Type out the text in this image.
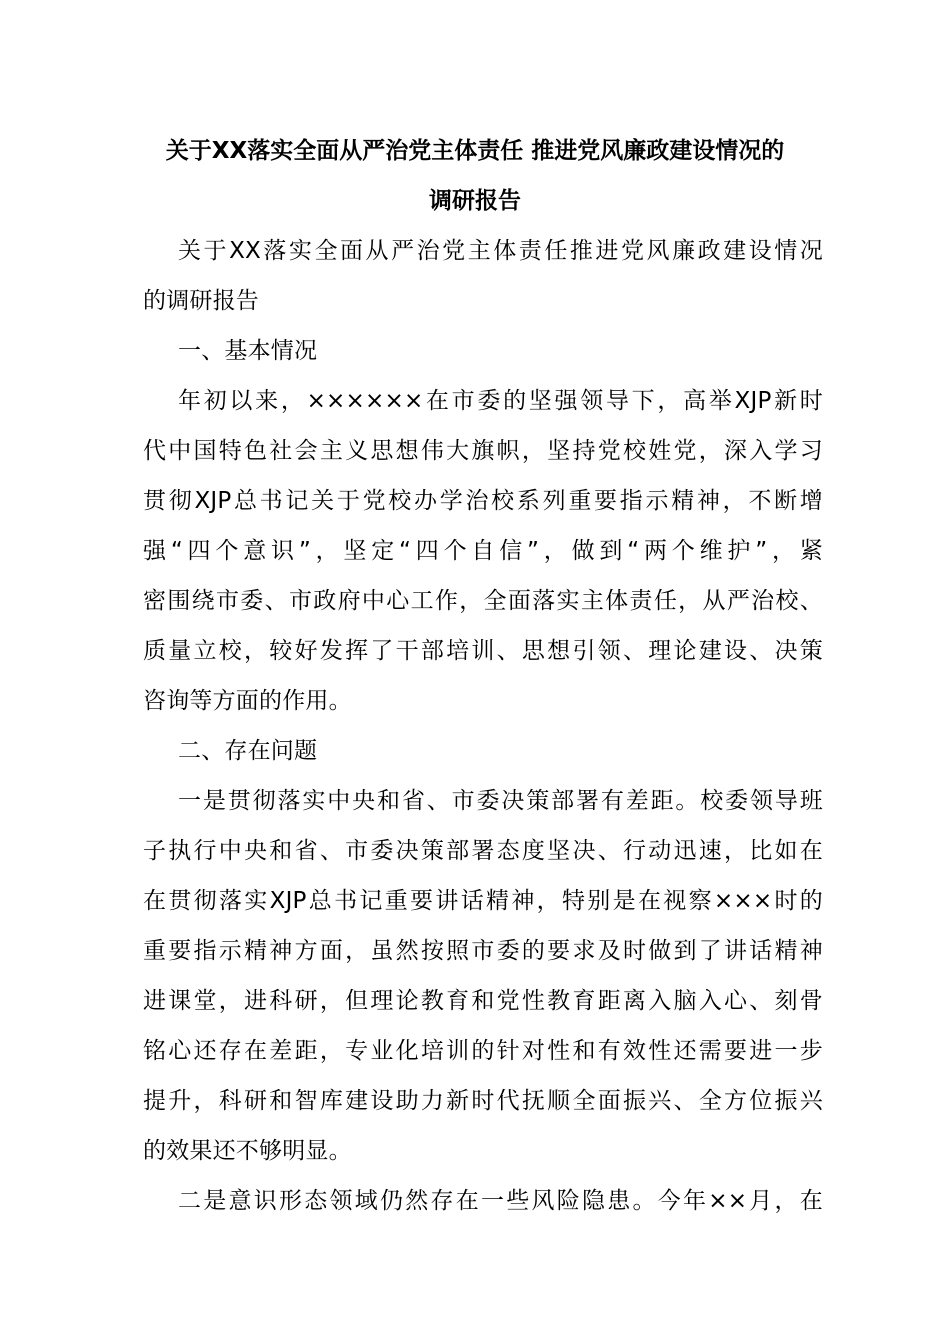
关于XX落实全面从严治党主体责任 推进党风廉政建设情况的
调研报告
关于XX落实全面从严治党主体责任推进党风廉政建设情况
的调研报告
一、基本情况
年初以来，××××××在市委的坚强领导下，高举XJP新时
代中国特色社会主义思想伟大旗帜，坚持党校姓党，深入学习
贯彻XJP总书记关于党校办学治校系列重要指示精神，不断增
强“四个意识”，坚定“四个自信”，做到“两个维护”，紧
密围绕市委、市政府中心工作，全面落实主体责任，从严治校、
质量立校，较好发挥了干部培训、思想引领、理论建设、决策
咨询等方面的作用。
二、存在问题
一是贯彻落实中央和省、市委决策部署有差距。校委领导班
子执行中央和省、市委决策部署态度坚决、行动迅速，比如在
在贯彻落实XJP总书记重要讲话精神，特别是在视察×××时的
重要指示精神方面，虽然按照市委的要求及时做到了讲话精神
进课堂，进科研，但理论教育和党性教育距离入脑入心、刻骨
铭心还存在差距，专业化培训的针对性和有效性还需要进一步
提升，科研和智库建设助力新时代抚顺全面振兴、全方位振兴
的效果还不够明显。
二是意识形态领域仍然存在一些风险隐患。今年××月，在
